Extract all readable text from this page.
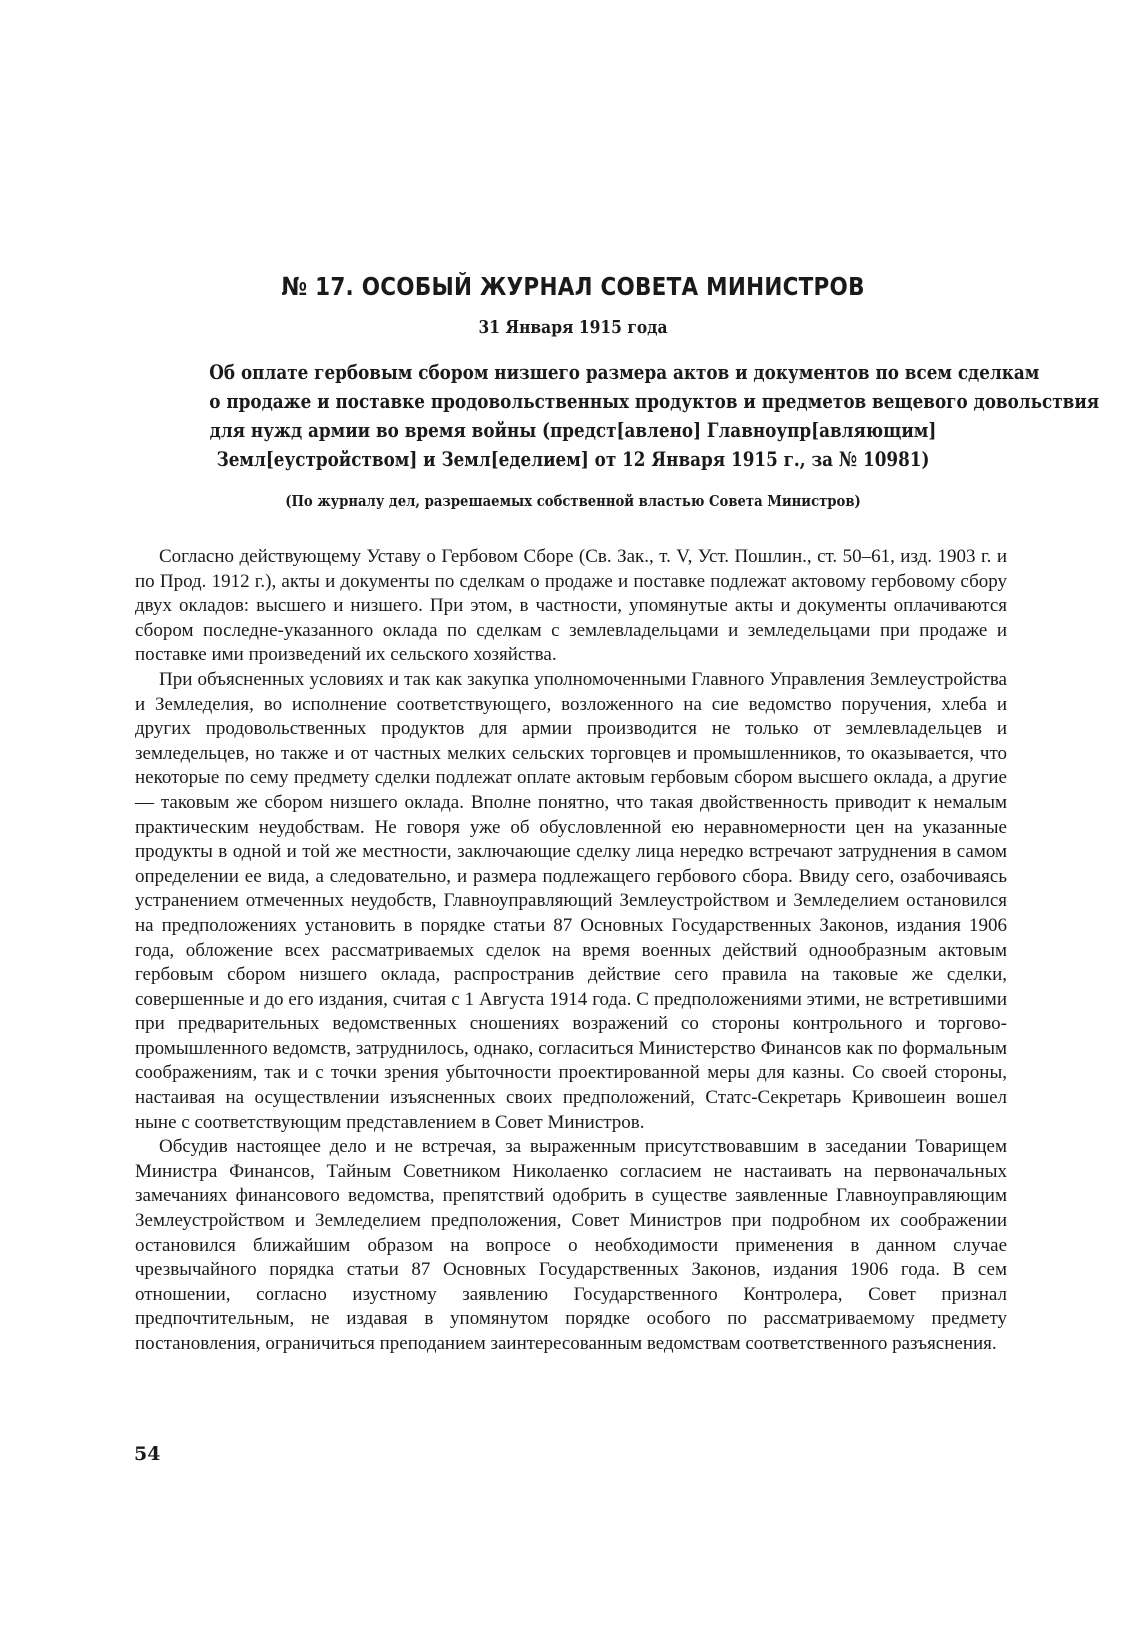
№ 17. ОСОБЫЙ ЖУРНАЛ СОВЕТА МИНИСТРОВ
31 Января 1915 года
Об оплате гербовым сбором низшего размера актов и документов по всем сделкам
о продаже и поставке продовольственных продуктов и предметов вещевого довольствия
для нужд армии во время войны (предст[авлено] Главноупр[авляющим]
Земл[еустройством] и Земл[еделием] от 12 Января 1915 г., за № 10981)
(По журналу дел, разрешаемых собственной властью Совета Министров)

Согласно действующему Уставу о Гербовом Сборе (Св. Зак., т. V, Уст. Пошлин., ст. 50–61, изд. 1903 г. и по Прод. 1912 г.), акты и документы по сделкам о продаже и поставке подлежат актовому гербовому сбору двух окладов: высшего и низшего. При этом, в частности, упомянутые акты и документы оплачиваются сбором последне-указанного оклада по сделкам с землевладельцами и земледельцами при продаже и поставке ими произведений их сельского хозяйства.

При объясненных условиях и так как закупка уполномоченными Главного Управления Землеустройства и Земледелия, во исполнение соответствующего, возложенного на сие ведомство поручения, хлеба и других продовольственных продуктов для армии производится не только от землевладельцев и земледельцев, но также и от частных мелких сельских торговцев и промышленников, то оказывается, что некоторые по сему предмету сделки подлежат оплате актовым гербовым сбором высшего оклада, а другие — таковым же сбором низшего оклада. Вполне понятно, что такая двойственность приводит к немалым практическим неудобствам. Не говоря уже об обусловленной ею неравномерности цен на указанные продукты в одной и той же местности, заключающие сделку лица нередко встречают затруднения в самом определении ее вида, а следовательно, и размера подлежащего гербового сбора. Ввиду сего, озабочиваясь устранением отмеченных неудобств, Главноуправляющий Землеустройством и Земледелием остановился на предположениях установить в порядке статьи 87 Основных Государственных Законов, издания 1906 года, обложение всех рассматриваемых сделок на время военных действий однообразным актовым гербовым сбором низшего оклада, распространив действие сего правила на таковые же сделки, совершенные и до его издания, считая с 1 Августа 1914 года. С предположениями этими, не встретившими при предварительных ведомственных сношениях возражений со стороны контрольного и торгово-промышленного ведомств, затруднилось, однако, согласиться Министерство Финансов как по формальным соображениям, так и с точки зрения убыточности проектированной меры для казны. Со своей стороны, настаивая на осуществлении изъясненных своих предположений, Статс-Секретарь Кривошеин вошел ныне с соответствующим представлением в Совет Министров.

Обсудив настоящее дело и не встречая, за выраженным присутствовавшим в заседании Товарищем Министра Финансов, Тайным Советником Николаенко согласием не настаивать на первоначальных замечаниях финансового ведомства, препятствий одобрить в существе заявленные Главноуправляющим Землеустройством и Земледелием предположения, Совет Министров при подробном их соображении остановился ближайшим образом на вопросе о необходимости применения в данном случае чрезвычайного порядка статьи 87 Основных Государственных Законов, издания 1906 года. В сем отношении, согласно изустному заявлению Государственного Контролера, Совет признал предпочтительным, не издавая в упомянутом порядке особого по рассматриваемому предмету постановления, ограничиться преподанием заинтересованным ведомствам соответственного разъяснения.

54
